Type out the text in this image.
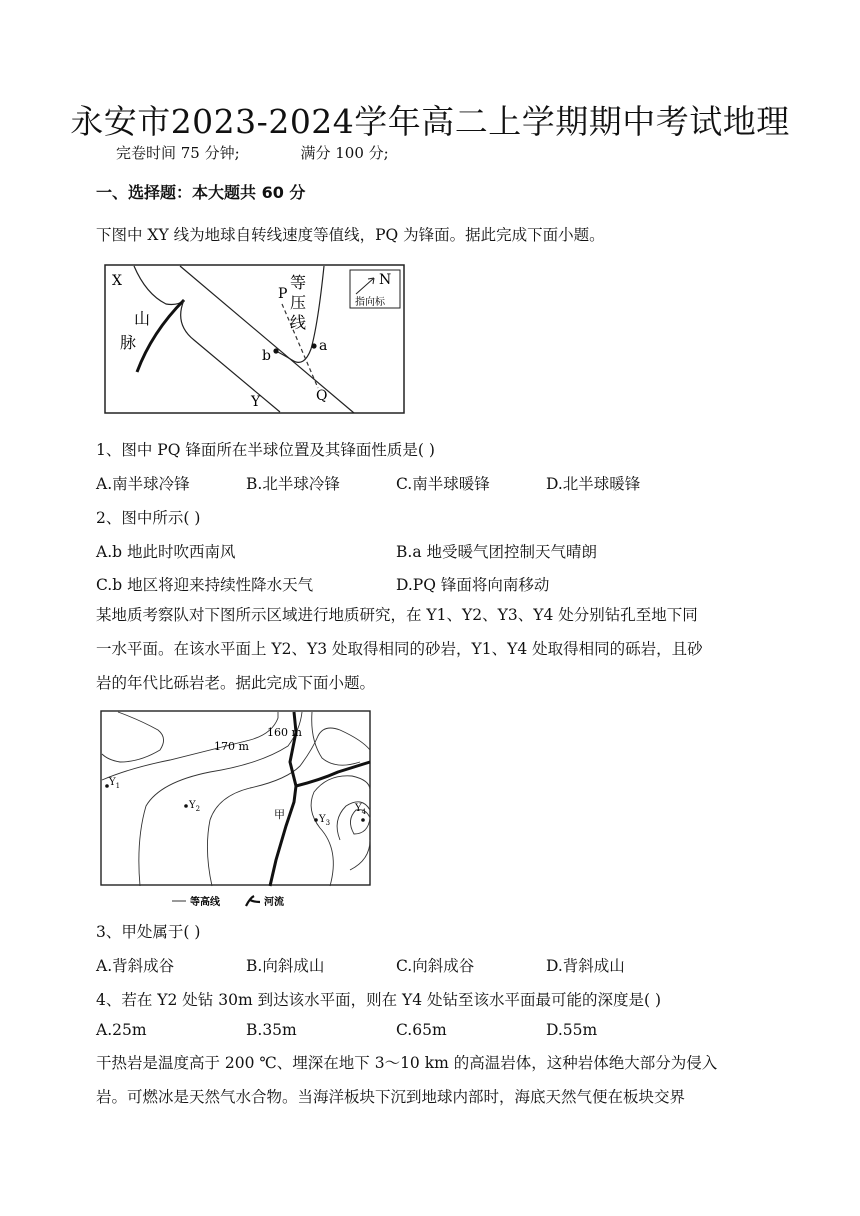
永安市2023-2024学年高二上学期期中考试地理
完卷时间 75 分钟;	满分 100 分;
一、选择题：本大题共 60 分
下图中 XY 线为地球自转线速度等值线，PQ 为锋面。据此完成下面小题。
N
指向标
X
Y
P
Q
a
b
山
脉
等
压
线
1、图中 PQ 锋面所在半球位置及其锋面性质是( )
A.南半球冷锋	B.北半球冷锋	C.南半球暖锋	D.北半球暖锋
2、图中所示( )
A.b 地此时吹西南风	B.a 地受暖气团控制天气晴朗
C.b 地区将迎来持续性降水天气	D.PQ 锋面将向南移动
某地质考察队对下图所示区域进行地质研究，在 Y1、Y2、Y3、Y4 处分别钻孔至地下同
一水平面。在该水平面上 Y2、Y3 处取得相同的砂岩，Y1、Y4 处取得相同的砾岩，且砂
岩的年代比砾岩老。据此完成下面小题。
170 m
160 m
$Y_1$
$Y_2$
$Y_3$
$Y_4$
甲
等高线	河流
3、甲处属于( )
A.背斜成谷	B.向斜成山	C.向斜成谷	D.背斜成山
4、若在 Y2 处钻 30m 到达该水平面，则在 Y4 处钻至该水平面最可能的深度是( )
A.25m	B.35m	C.65m	D.55m
干热岩是温度高于 200 ℃、埋深在地下 3～10 km 的高温岩体，这种岩体绝大部分为侵入
岩。可燃冰是天然气水合物。当海洋板块下沉到地球内部时，海底天然气便在板块交界
